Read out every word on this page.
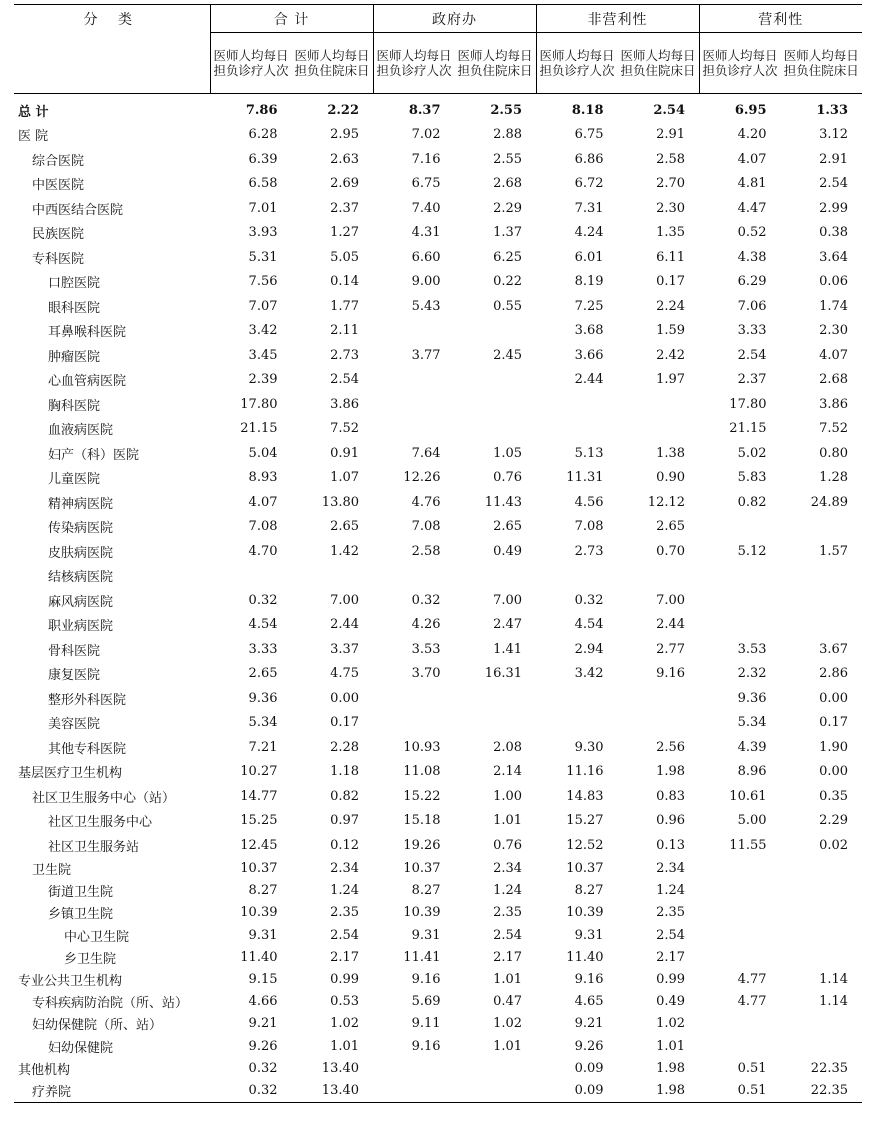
分 类	合 计		政府办		非营利性		营利性	
	医师人均每日担负诊疗人次	医师人均每日担负住院床日	医师人均每日担负诊疗人次	医师人均每日担负住院床日	医师人均每日担负诊疗人次	医师人均每日担负住院床日	医师人均每日担负诊疗人次	医师人均每日担负住院床日
总 计	7.86	2.22	8.37	2.55	8.18	2.54	6.95	1.33
医 院	6.28	2.95	7.02	2.88	6.75	2.91	4.20	3.12
综合医院	6.39	2.63	7.16	2.55	6.86	2.58	4.07	2.91
中医医院	6.58	2.69	6.75	2.68	6.72	2.70	4.81	2.54
中西医结合医院	7.01	2.37	7.40	2.29	7.31	2.30	4.47	2.99
民族医院	3.93	1.27	4.31	1.37	4.24	1.35	0.52	0.38
专科医院	5.31	5.05	6.60	6.25	6.01	6.11	4.38	3.64
口腔医院	7.56	0.14	9.00	0.22	8.19	0.17	6.29	0.06
眼科医院	7.07	1.77	5.43	0.55	7.25	2.24	7.06	1.74
耳鼻喉科医院	3.42	2.11			3.68	1.59	3.33	2.30
肿瘤医院	3.45	2.73	3.77	2.45	3.66	2.42	2.54	4.07
心血管病医院	2.39	2.54			2.44	1.97	2.37	2.68
胸科医院	17.80	3.86					17.80	3.86
血液病医院	21.15	7.52					21.15	7.52
妇产（科）医院	5.04	0.91	7.64	1.05	5.13	1.38	5.02	0.80
儿童医院	8.93	1.07	12.26	0.76	11.31	0.90	5.83	1.28
精神病医院	4.07	13.80	4.76	11.43	4.56	12.12	0.82	24.89
传染病医院	7.08	2.65	7.08	2.65	7.08	2.65		
皮肤病医院	4.70	1.42	2.58	0.49	2.73	0.70	5.12	1.57
结核病医院								
麻风病医院	0.32	7.00	0.32	7.00	0.32	7.00		
职业病医院	4.54	2.44	4.26	2.47	4.54	2.44		
骨科医院	3.33	3.37	3.53	1.41	2.94	2.77	3.53	3.67
康复医院	2.65	4.75	3.70	16.31	3.42	9.16	2.32	2.86
整形外科医院	9.36	0.00					9.36	0.00
美容医院	5.34	0.17					5.34	0.17
其他专科医院	7.21	2.28	10.93	2.08	9.30	2.56	4.39	1.90
基层医疗卫生机构	10.27	1.18	11.08	2.14	11.16	1.98	8.96	0.00
社区卫生服务中心（站）	14.77	0.82	15.22	1.00	14.83	0.83	10.61	0.35
社区卫生服务中心	15.25	0.97	15.18	1.01	15.27	0.96	5.00	2.29
社区卫生服务站	12.45	0.12	19.26	0.76	12.52	0.13	11.55	0.02
卫生院	10.37	2.34	10.37	2.34	10.37	2.34		
街道卫生院	8.27	1.24	8.27	1.24	8.27	1.24		
乡镇卫生院	10.39	2.35	10.39	2.35	10.39	2.35		
中心卫生院	9.31	2.54	9.31	2.54	9.31	2.54		
乡卫生院	11.40	2.17	11.41	2.17	11.40	2.17		
专业公共卫生机构	9.15	0.99	9.16	1.01	9.16	0.99	4.77	1.14
专科疾病防治院（所、站）	4.66	0.53	5.69	0.47	4.65	0.49	4.77	1.14
妇幼保健院（所、站）	9.21	1.02	9.11	1.02	9.21	1.02		
妇幼保健院	9.26	1.01	9.16	1.01	9.26	1.01		
其他机构	0.32	13.40			0.09	1.98	0.51	22.35
疗养院	0.32	13.40			0.09	1.98	0.51	22.35
